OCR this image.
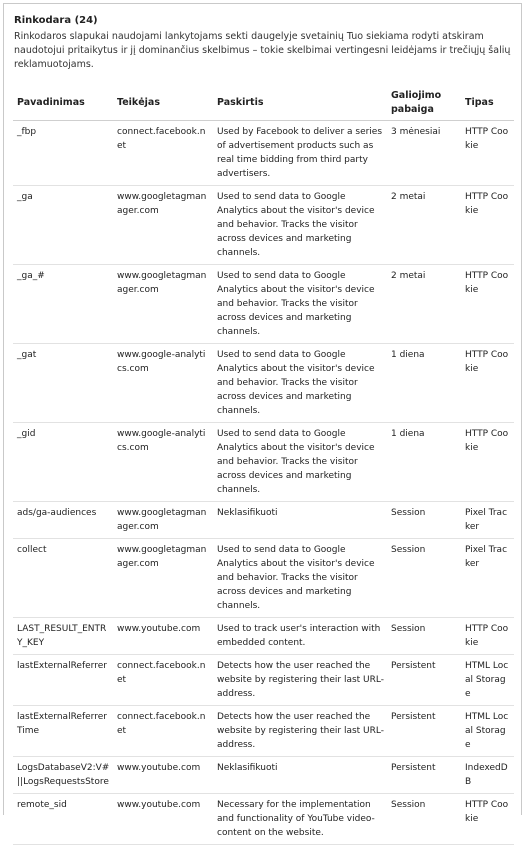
Rinkodara (24)
Rinkodaros slapukai naudojami lankytojams sekti daugelyje svetainių Tuo siekiama rodyti atskiram naudotojui pritaikytus ir jį dominančius skelbimus – tokie skelbimai vertingesni leidėjams ir trečiųjų šalių reklamuotojams.
Pavadinimas	Teikėjas	Paskirtis	Galiojimo pabaiga	Tipas
_fbp	connect.facebook.net	Used by Facebook to deliver a series of advertisement products such as real time bidding from third party advertisers.	3 mėnesiai	HTTP Cookie
_ga	www.googletagmanager.com	Used to send data to Google Analytics about the visitor's device and behavior. Tracks the visitor across devices and marketing channels.	2 metai	HTTP Cookie
_ga_#	www.googletagmanager.com	Used to send data to Google Analytics about the visitor's device and behavior. Tracks the visitor across devices and marketing channels.	2 metai	HTTP Cookie
_gat	www.google-analytics.com	Used to send data to Google Analytics about the visitor's device and behavior. Tracks the visitor across devices and marketing channels.	1 diena	HTTP Cookie
_gid	www.google-analytics.com	Used to send data to Google Analytics about the visitor's device and behavior. Tracks the visitor across devices and marketing channels.	1 diena	HTTP Cookie
ads/ga-audiences	www.googletagmanager.com	Neklasifikuoti	Session	Pixel Tracker
collect	www.googletagmanager.com	Used to send data to Google Analytics about the visitor's device and behavior. Tracks the visitor across devices and marketing channels.	Session	Pixel Tracker
LAST_RESULT_ENTRY_KEY	www.youtube.com	Used to track user's interaction with embedded content.	Session	HTTP Cookie
lastExternalReferrer	connect.facebook.net	Detects how the user reached the website by registering their last URL-address.	Persistent	HTML Local Storage
lastExternalReferrerTime	connect.facebook.net	Detects how the user reached the website by registering their last URL-address.	Persistent	HTML Local Storage
LogsDatabaseV2:V#||LogsRequestsStore	www.youtube.com	Neklasifikuoti	Persistent	IndexedDB
remote_sid	www.youtube.com	Necessary for the implementation and functionality of YouTube video-content on the website.	Session	HTTP Cookie
